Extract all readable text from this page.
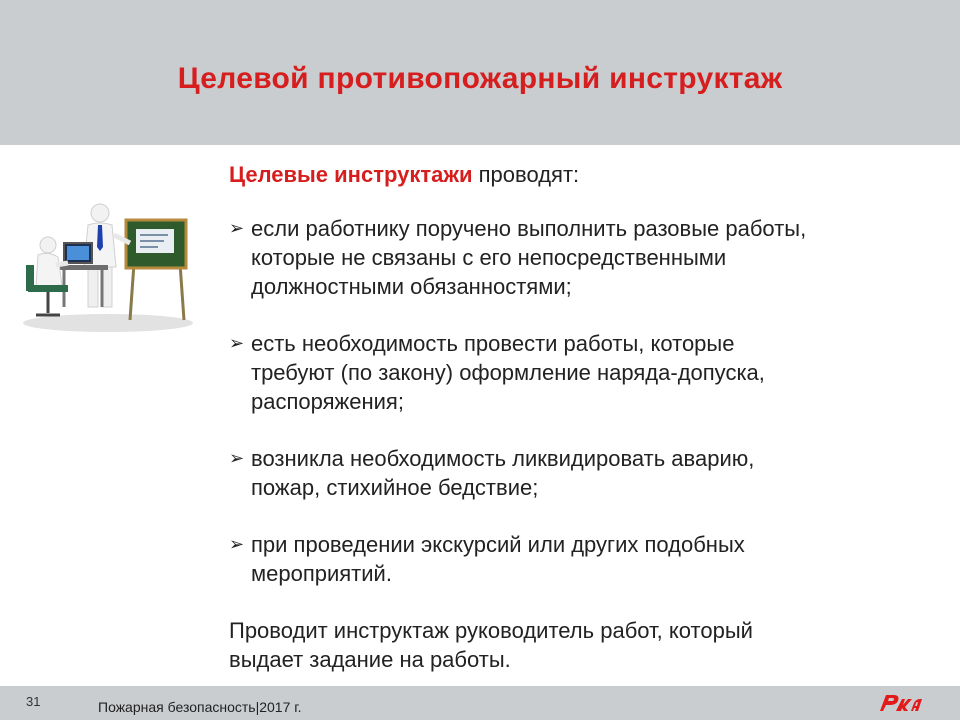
Целевой противопожарный инструктаж

Целевые инструктажи проводят:

➢ если работнику поручено выполнить разовые работы,
которые не связаны с его непосредственными
должностными обязанностями;
➢ есть необходимость провести работы, которые
требуют (по закону) оформление наряда-допуска,
распоряжения;
➢ возникла необходимость ликвидировать аварию,
пожар, стихийное бедствие;
➢ при проведении экскурсий или других подобных
мероприятий.

Проводит инструктаж руководитель работ, который
выдает задание на работы.

31	Пожарная безопасность|2017 г.
